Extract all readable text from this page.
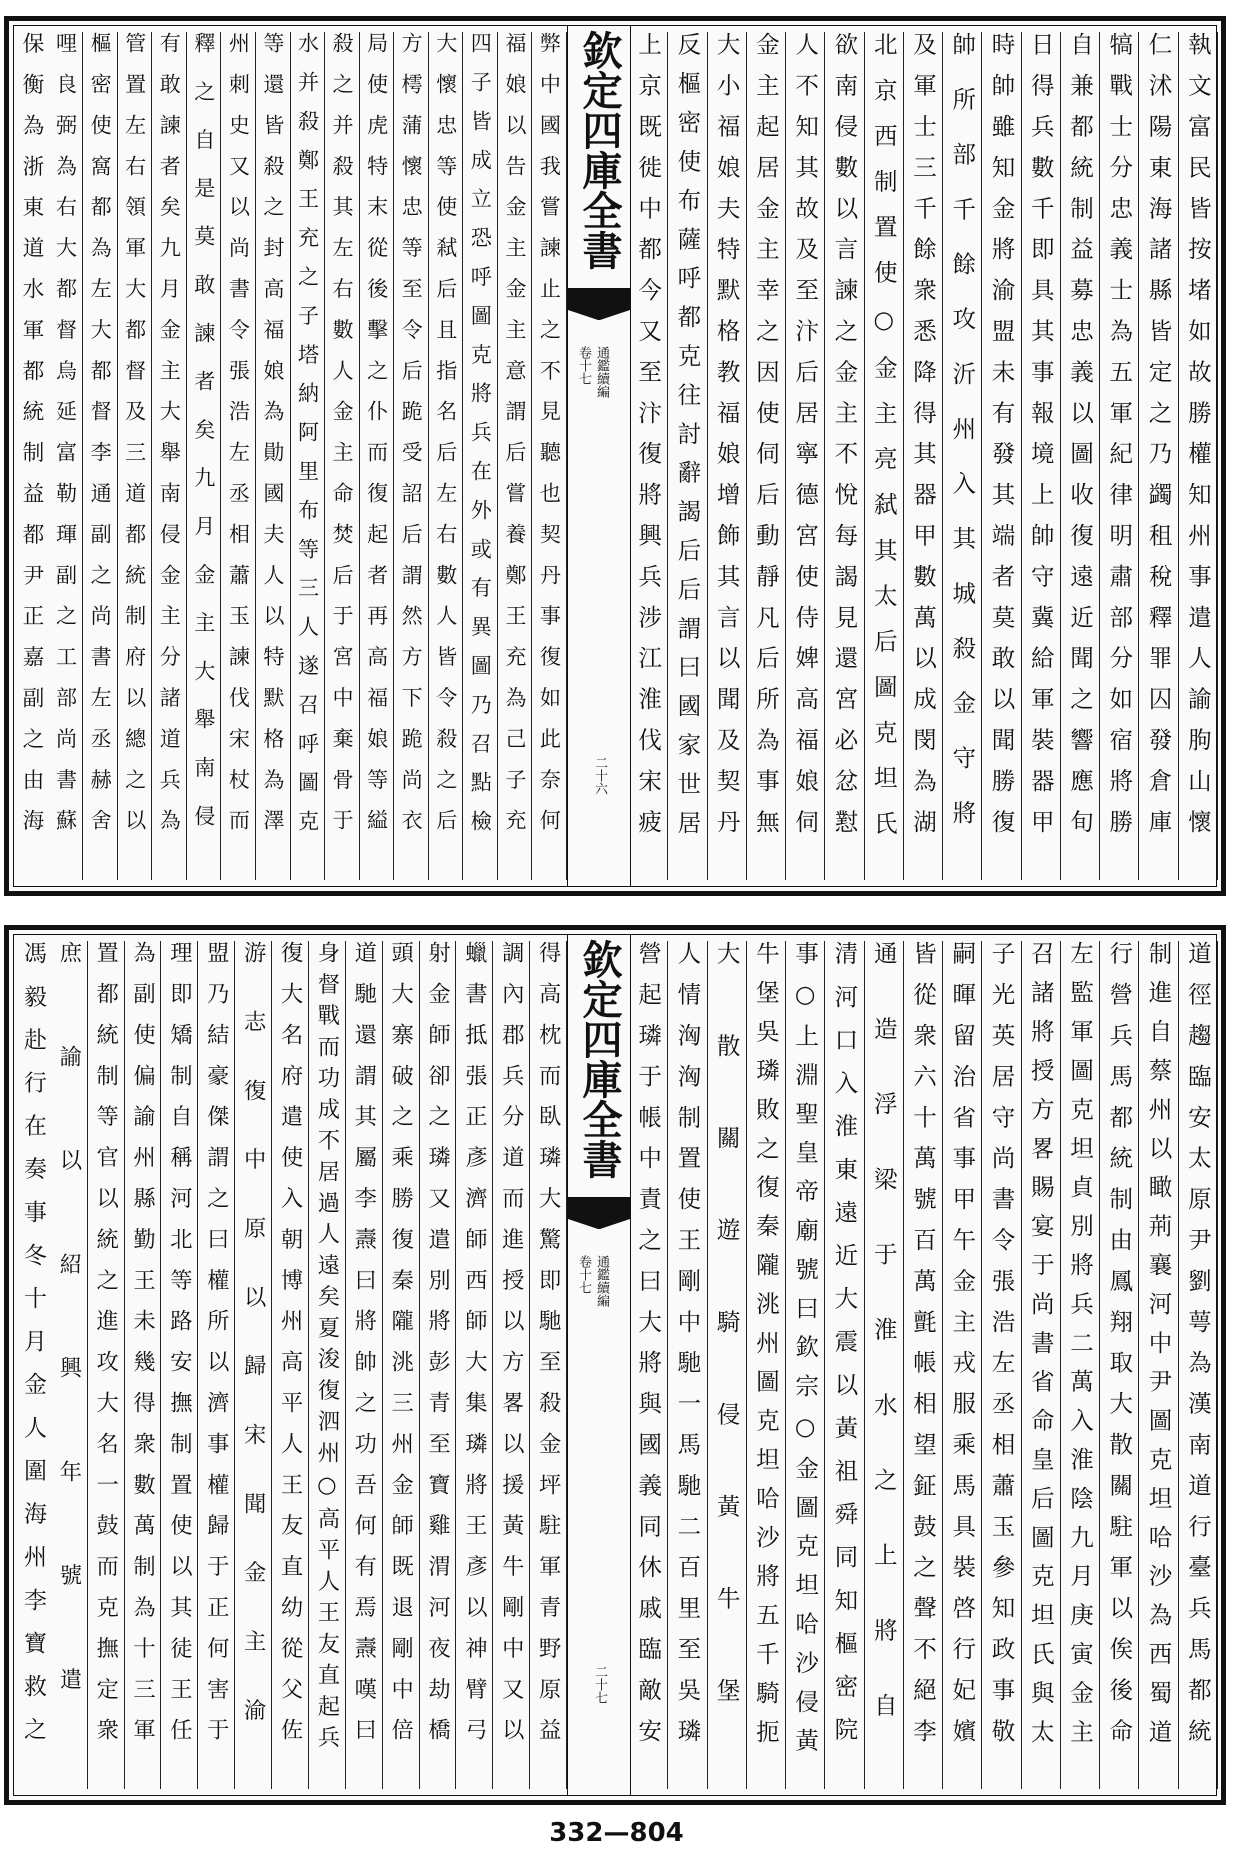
執文富民皆按堵如故勝權知州事遣人諭朐山懷
仁沭陽東海諸縣皆定之乃蠲租稅釋罪囚發倉庫
犒戰士分忠義士為五軍紀律明肅部分如宿將勝
自兼都統制益募忠義以圖收復遠近聞之響應旬
日得兵數千即具其事報境上帥守冀給軍裝器甲
時帥雖知金將渝盟未有發其端者莫敢以聞勝復
帥所部千餘攻沂州入其城殺金守將
及軍士三千餘衆悉降得其器甲數萬以成閔為湖
北京西制置使○金主亮弑其太后圖克坦氏
欲南侵數以言諫之金主不悅每謁見還宮必忿懟
人不知其故及至汴后居寧德宮使侍婢高福娘伺
金主起居金主幸之因使伺后動靜凡后所為事無
大小福娘夫特默格教福娘增飾其言以聞及契丹
反樞密使布薩呼都克往討辭謁后后謂曰國家世居
上京既徙中都今又至汴復將興兵涉江淮伐宋疲
欽定四庫全書
通鑑續編
卷十七
二十六
弊中國我嘗諫止之不見聽也契丹事復如此奈何
福娘以告金主金主意謂后嘗養鄭王充為己子充
四子皆成立恐呼圖克將兵在外或有異圖乃召點檢
大懷忠等使弒后且指名后左右數人皆令殺之后
方樗蒲懷忠等至令后跪受詔后謂然方下跪尚衣
局使虎特末從後擊之仆而復起者再高福娘等縊
殺之并殺其左右數人金主命焚后于宮中棄骨于
水并殺鄭王充之子塔納阿里布等三人遂召呼圖克
等還皆殺之封高福娘為勛國夫人以特默格為澤
州刺史又以尚書令張浩左丞相蕭玉諫伐宋杖而
釋之自是莫敢諫者矣九月金主大舉南侵
有敢諫者矣九月金主大舉南侵金主分諸道兵為
管置左右領軍大都督及三道都統制府以總之以
樞密使窩都為左大都督李通副之尚書左丞赫舍
哩良弼為右大都督烏延富勒琿副之工部尚書蘇
保衡為浙東道水軍都統制益都尹正嘉副之由海
道徑趨臨安太原尹劉萼為漢南道行臺兵馬都統
制進自蔡州以瞰荊襄河中尹圖克坦哈沙為西蜀道
行營兵馬都統制由鳳翔取大散關駐軍以俟後命
左監軍圖克坦貞別將兵二萬入淮陰九月庚寅金主
召諸將授方畧賜宴于尚書省命皇后圖克坦氏與太
子光英居守尚書令張浩左丞相蕭玉參知政事敬
嗣暉留治省事甲午金主戎服乘馬具裝啓行妃嬪
皆從衆六十萬號百萬氈帳相望鉦鼓之聲不絕李
通造浮梁于淮水之上將自
清河口入淮東遠近大震以黃祖舜同知樞密院
事○上淵聖皇帝廟號曰欽宗○金圖克坦哈沙侵黃
牛堡吳璘敗之復秦隴洮州圖克坦哈沙將五千騎扼
大散關遊騎侵黃牛堡
人情洶洶制置使王剛中馳一馬馳二百里至吳璘
營起璘于帳中責之曰大將與國義同休戚臨敵安
欽定四庫全書
通鑑續編
卷十七
二十七
得高枕而臥璘大驚即馳至殺金坪駐軍青野原益
調內郡兵分道而進授以方畧以援黃牛剛中又以
蠟書抵張正彥濟師西師大集璘將王彥以神臂弓
射金師卻之璘又遣別將彭青至寶雞渭河夜劫橋
頭大寨破之乘勝復秦隴洮三州金師既退剛中倍
道馳還謂其屬李燾曰將帥之功吾何有焉燾嘆曰
身督戰而功成不居過人遠矣夏浚復泗州○高平人王友直起兵
復大名府遣使入朝博州高平人王友直幼從父佐
游志復中原以歸宋聞金主渝
盟乃結豪傑謂之曰權所以濟事權歸于正何害于
理即矯制自稱河北等路安撫制置使以其徒王任
為副使偏諭州縣勤王未幾得衆數萬制為十三軍
置都統制等官以統之進攻大名一鼓而克撫定衆
庶諭以紹興年號遣
馮毅赴行在奏事冬十月金人圍海州李寶救之
332—804
